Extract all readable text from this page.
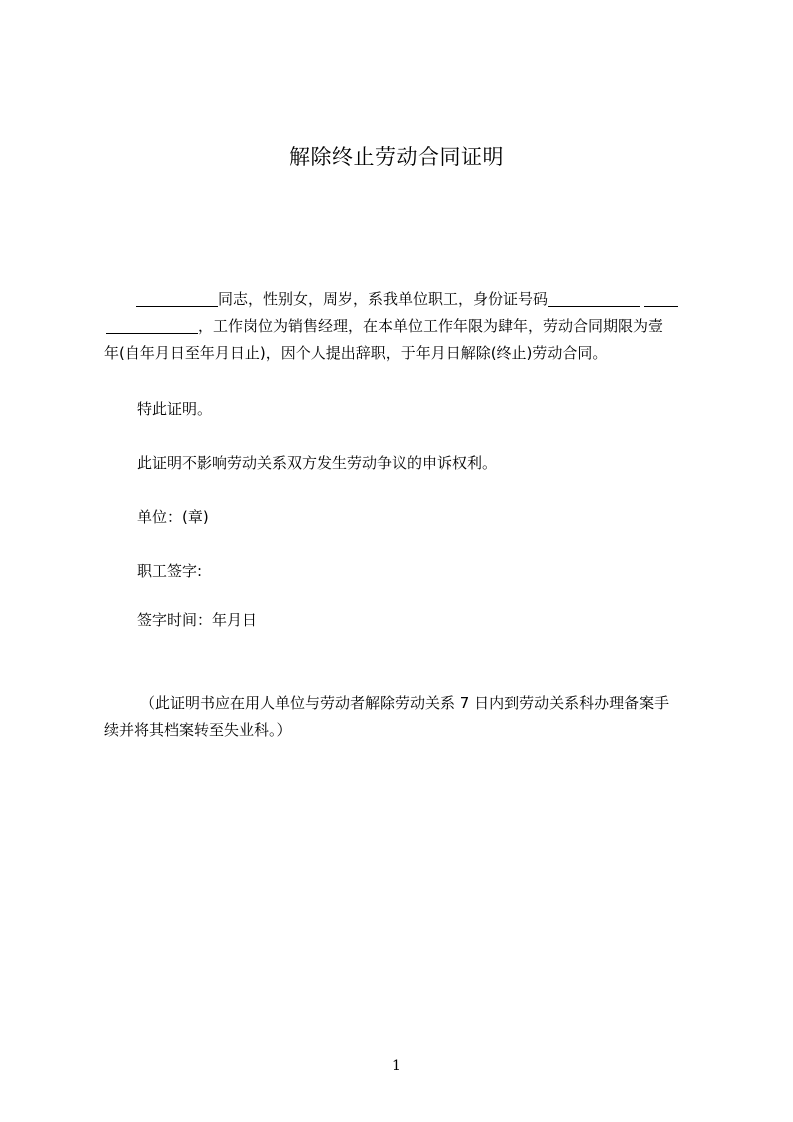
解除终止劳动合同证明
同志，性别女，周岁，系我单位职工，身份证号码
，工作岗位为销售经理，在本单位工作年限为肆年，劳动合同期限为壹
年(自年月日至年月日止)，因个人提出辞职，于年月日解除(终止)劳动合同。
特此证明。
此证明不影响劳动关系双方发生劳动争议的申诉权利。
单位：(章)
职工签字:
签字时间：年月日
（此证明书应在用人单位与劳动者解除劳动关系 7 日内到劳动关系科办理备案手
续并将其档案转至失业科。）
1
